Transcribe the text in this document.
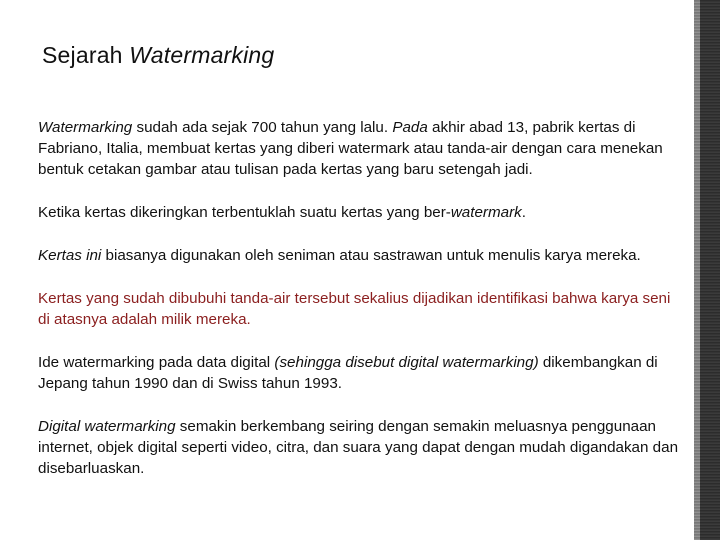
Sejarah Watermarking

Watermarking sudah ada sejak 700 tahun yang lalu. Pada akhir abad 13, pabrik kertas di Fabriano, Italia, membuat kertas yang diberi watermark atau tanda-air dengan cara menekan bentuk cetakan gambar atau tulisan pada kertas yang baru setengah jadi.

Ketika kertas dikeringkan terbentuklah suatu kertas yang ber-watermark.

Kertas ini biasanya digunakan oleh seniman atau sastrawan untuk menulis karya mereka.

Kertas yang sudah dibubuhi tanda-air tersebut sekalius dijadikan identifikasi bahwa karya seni di atasnya adalah milik mereka.

Ide watermarking pada data digital (sehingga disebut digital watermarking) dikembangkan di Jepang tahun 1990 dan di Swiss tahun 1993.

Digital watermarking semakin berkembang seiring dengan semakin meluasnya penggunaan internet, objek digital seperti video, citra, dan suara yang dapat dengan mudah digandakan dan disebarluaskan.
